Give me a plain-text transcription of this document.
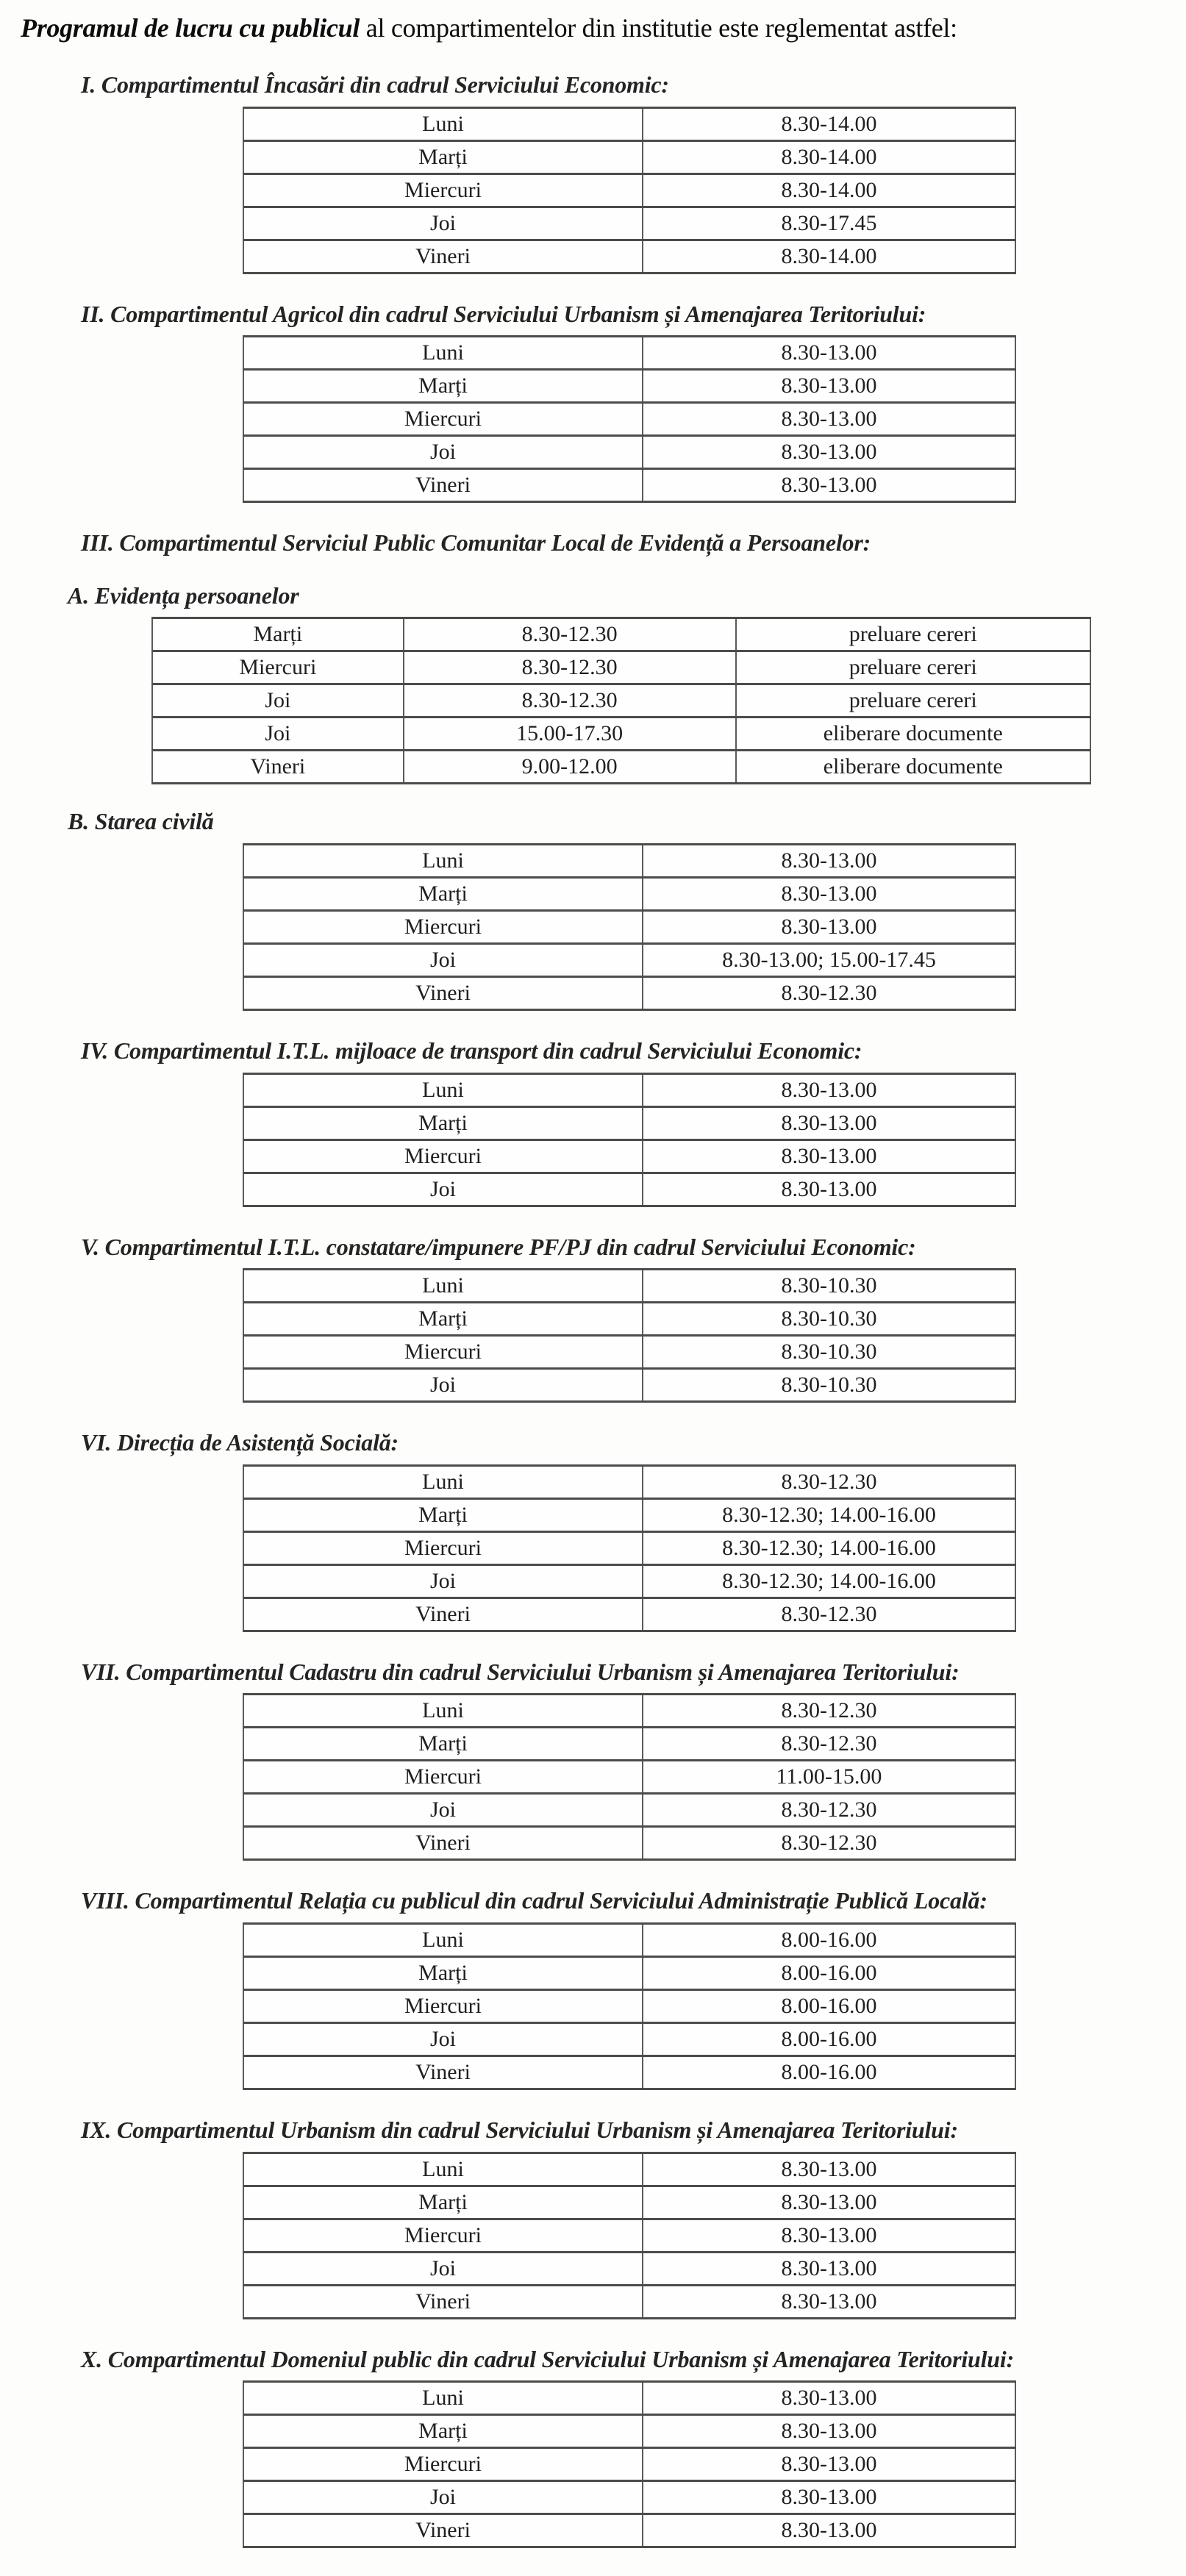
Programul de lucru cu publicul al compartimentelor din institutie este reglementat astfel:

I. Compartimentul Încasări din cadrul Serviciului Economic:
Luni	8.30-14.00
Marți	8.30-14.00
Miercuri	8.30-14.00
Joi	8.30-17.45
Vineri	8.30-14.00
II. Compartimentul Agricol din cadrul Serviciului Urbanism și Amenajarea Teritoriului:
Luni	8.30-13.00
Marți	8.30-13.00
Miercuri	8.30-13.00
Joi	8.30-13.00
Vineri	8.30-13.00
III. Compartimentul Serviciul Public Comunitar Local de Evidență a Persoanelor:
A. Evidența persoanelor
Marți	8.30-12.30	preluare cereri
Miercuri	8.30-12.30	preluare cereri
Joi	8.30-12.30	preluare cereri
Joi	15.00-17.30	eliberare documente
Vineri	9.00-12.00	eliberare documente
B. Starea civilă
Luni	8.30-13.00
Marți	8.30-13.00
Miercuri	8.30-13.00
Joi	8.30-13.00; 15.00-17.45
Vineri	8.30-12.30
IV. Compartimentul I.T.L. mijloace de transport din cadrul Serviciului Economic:
Luni	8.30-13.00
Marți	8.30-13.00
Miercuri	8.30-13.00
Joi	8.30-13.00
V. Compartimentul I.T.L. constatare/impunere PF/PJ din cadrul Serviciului Economic:
Luni	8.30-10.30
Marți	8.30-10.30
Miercuri	8.30-10.30
Joi	8.30-10.30
VI. Direcția de Asistență Socială:
Luni	8.30-12.30
Marți	8.30-12.30; 14.00-16.00
Miercuri	8.30-12.30; 14.00-16.00
Joi	8.30-12.30; 14.00-16.00
Vineri	8.30-12.30
VII. Compartimentul Cadastru din cadrul Serviciului Urbanism și Amenajarea Teritoriului:
Luni	8.30-12.30
Marți	8.30-12.30
Miercuri	11.00-15.00
Joi	8.30-12.30
Vineri	8.30-12.30
VIII. Compartimentul Relația cu publicul din cadrul Serviciului Administrație Publică Locală:
Luni	8.00-16.00
Marți	8.00-16.00
Miercuri	8.00-16.00
Joi	8.00-16.00
Vineri	8.00-16.00
IX. Compartimentul Urbanism din cadrul Serviciului Urbanism și Amenajarea Teritoriului:
Luni	8.30-13.00
Marți	8.30-13.00
Miercuri	8.30-13.00
Joi	8.30-13.00
Vineri	8.30-13.00
X. Compartimentul Domeniul public din cadrul Serviciului Urbanism și Amenajarea Teritoriului:
Luni	8.30-13.00
Marți	8.30-13.00
Miercuri	8.30-13.00
Joi	8.30-13.00
Vineri	8.30-13.00
